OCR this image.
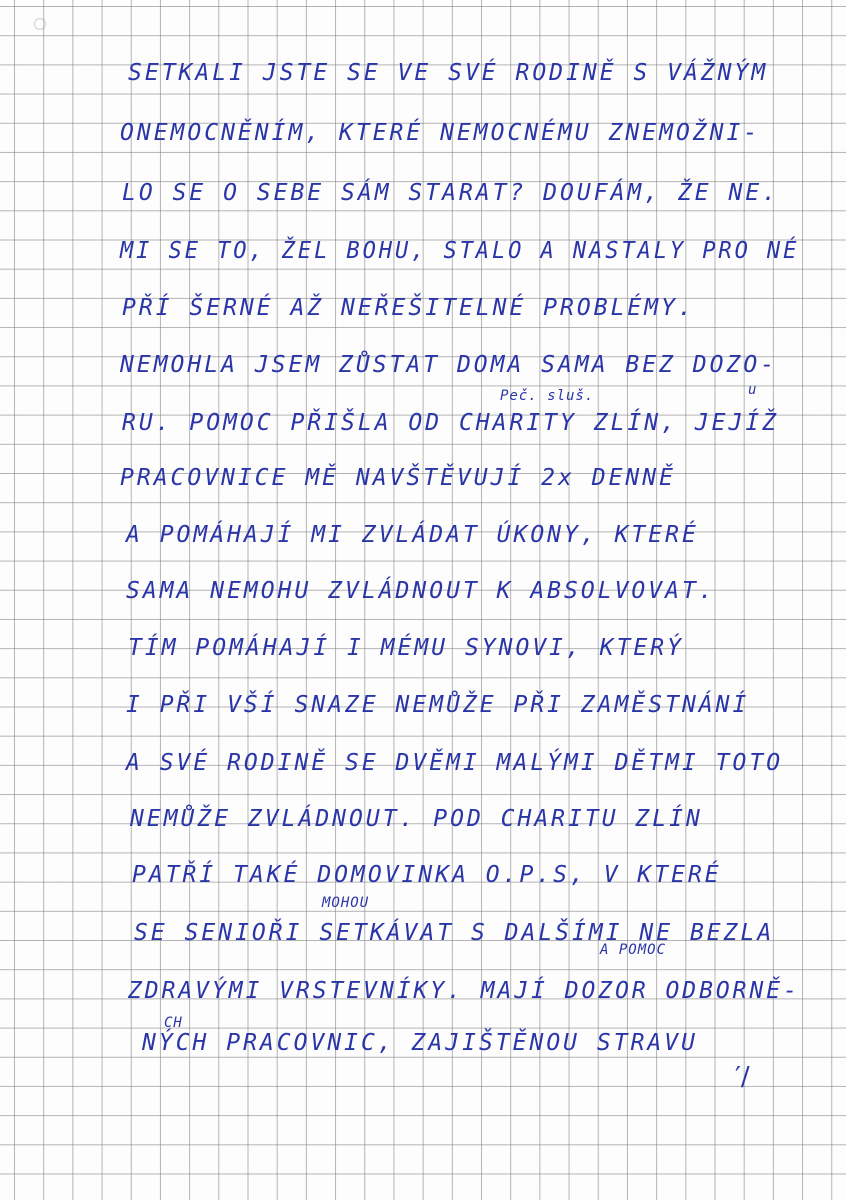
SETKALI JSTE SE VE SVÉ RODINĚ S VÁŽNÝM
ONEMOCNĚNÍM, KTERÉ NEMOCNÉMU ZNEMOŽNI-
LO SE O SEBE SÁM STARAT? DOUFÁM, ŽE NE.
MI SE TO, ŽEL BOHU, STALO A NASTALY PRO NÉ
PŘÍ ŠERNÉ AŽ NEŘEŠITELNÉ PROBLÉMY.
NEMOHLA JSEM ZŮSTAT DOMA SAMA BEZ DOZO-
RU. POMOC PŘIŠLA OD CHARITY ZLÍN, JEJÍŽ
PRACOVNICE MĚ NAVŠTĚVUJÍ 2x DENNĚ
A POMÁHAJÍ MI ZVLÁDAT ÚKONY, KTERÉ
SAMA NEMOHU ZVLÁDNOUT K ABSOLVOVAT.
TÍM POMÁHAJÍ I MÉMU SYNOVI, KTERÝ
I PŘI VŠÍ SNAZE NEMŮŽE PŘI ZAMĚSTNÁNÍ
A SVÉ RODINĚ SE DVĚMI MALÝMI DĚTMI TOTO
NEMŮŽE ZVLÁDNOUT. POD CHARITU ZLÍN
PATŘÍ TAKÉ DOMOVINKA O.P.S, V KTERÉ
SE SENIOŘI SETKÁVAT S DALŠÍMI NE BEZLA
ZDRAVÝMI VRSTEVNÍKY. MAJÍ DOZOR ODBORNĚ-
NÝCH PRACOVNIC, ZAJIŠTĚNOU STRAVU
Peč. sluš.	u
MOHOU
A POMOC
CH
′/
